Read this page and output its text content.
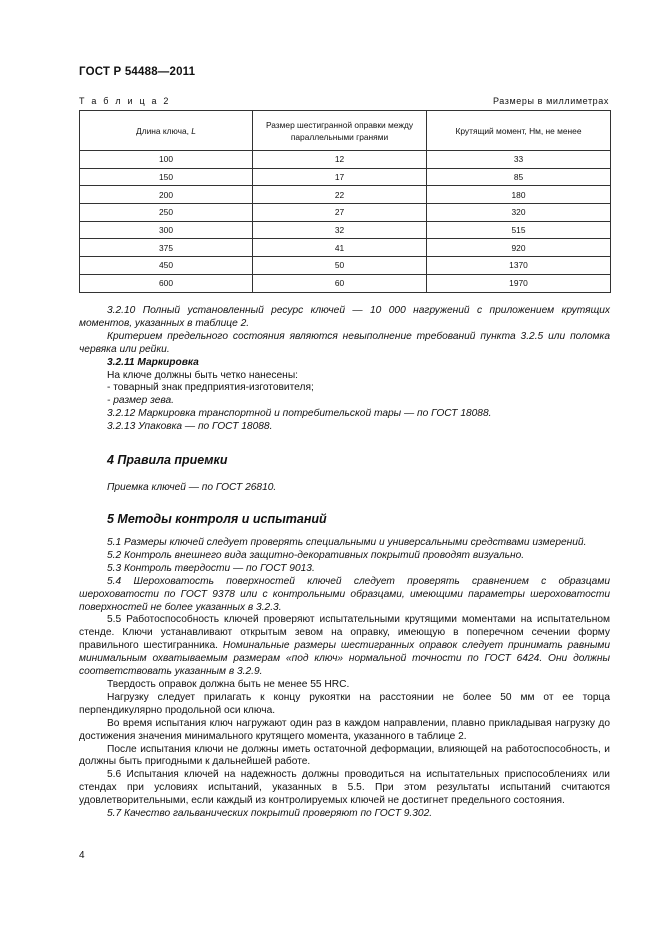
ГОСТ Р 54488—2011
Т а б л и ц а 2	Размеры в миллиметрах
Длина ключа, L	Размер шестигранной оправки между параллельными гранями	Крутящий момент, Нм, не менее
100	12	33
150	17	85
200	22	180
250	27	320
300	32	515
375	41	920
450	50	1370
600	60	1970

3.2.10 Полный установленный ресурс ключей — 10 000 нагружений с приложением крутящих моментов, указанных в таблице 2.

Критерием предельного состояния являются невыполнение требований пункта 3.2.5 или поломка червяка или рейки.

3.2.11 Маркировка

На ключе должны быть четко нанесены:

- товарный знак предприятия-изготовителя;

- размер зева.

3.2.12 Маркировка транспортной и потребительской тары — по ГОСТ 18088.

3.2.13 Упаковка — по ГОСТ 18088.

4 Правила приемки

Приемка ключей — по ГОСТ 26810.

5 Методы контроля и испытаний

5.1 Размеры ключей следует проверять специальными и универсальными средствами измерений.

5.2 Контроль внешнего вида защитно-декоративных покрытий проводят визуально.

5.3 Контроль твердости — по ГОСТ 9013.

5.4 Шероховатость поверхностей ключей следует проверять сравнением с образцами шероховатости по ГОСТ 9378 или с контрольными образцами, имеющими параметры шероховатости поверхностей не более указанных в 3.2.3.

5.5 Работоспособность ключей проверяют испытательными крутящими моментами на испытательном стенде. Ключи устанавливают открытым зевом на оправку, имеющую в поперечном сечении форму правильного шестигранника. Номинальные размеры шестигранных оправок следует принимать равными минимальным охватываемым размерам «под ключ» нормальной точности по ГОСТ 6424. Они должны соответствовать указанным в 3.2.9.

Твердость оправок должна быть не менее 55 HRC.

Нагрузку следует прилагать к концу рукоятки на расстоянии не более 50 мм от ее торца перпендикулярно продольной оси ключа.

Во время испытания ключ нагружают один раз в каждом направлении, плавно прикладывая нагрузку до достижения значения минимального крутящего момента, указанного в таблице 2.

После испытания ключи не должны иметь остаточной деформации, влияющей на работоспособность, и должны быть пригодными к дальнейшей работе.

5.6 Испытания ключей на надежность должны проводиться на испытательных приспособлениях или стендах при условиях испытаний, указанных в 5.5. При этом результаты испытаний считаются удовлетворительными, если каждый из контролируемых ключей не достигнет предельного состояния.

5.7 Качество гальванических покрытий проверяют по ГОСТ 9.302.

4
